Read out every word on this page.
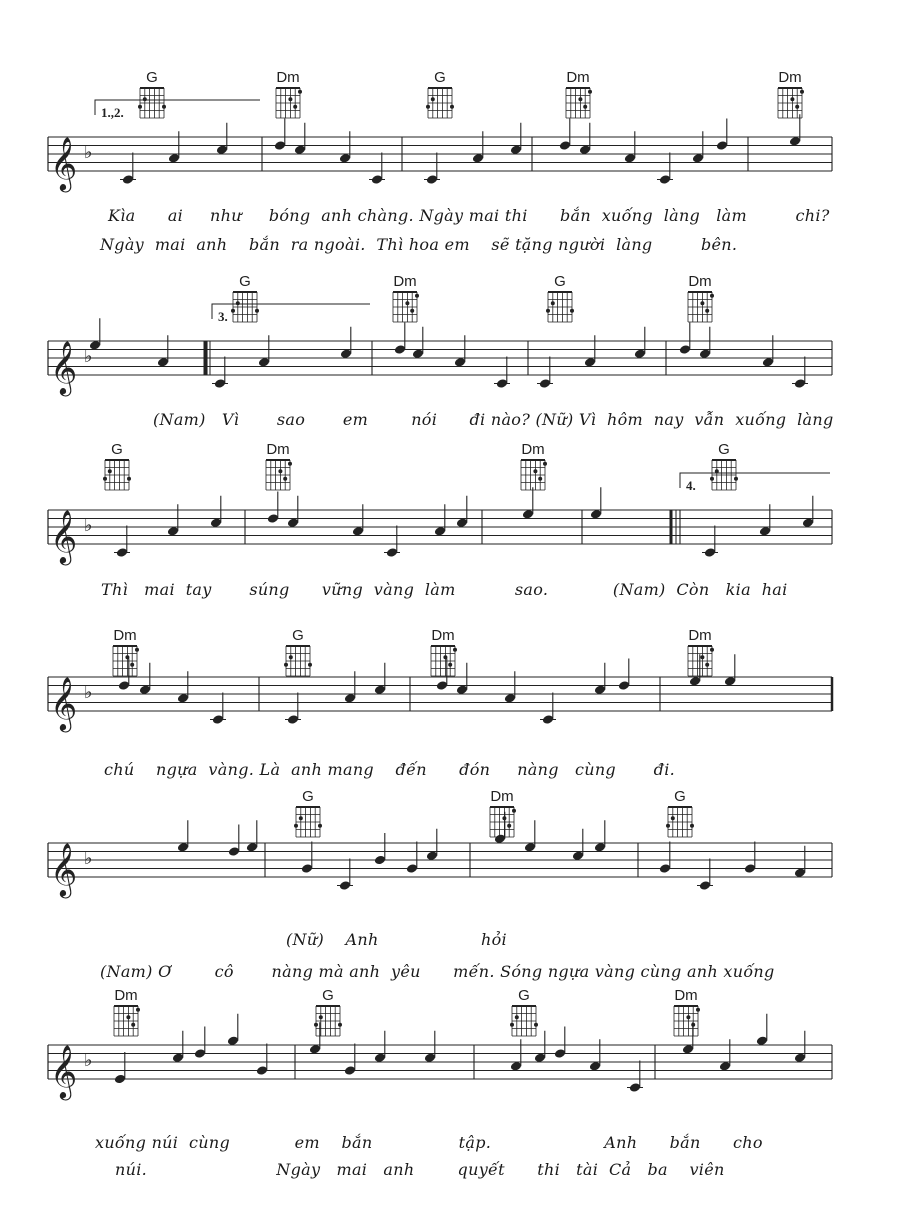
𝄞 ♭
𝄞 ♭
𝄞 ♭
𝄞 ♭
𝄞 ♭
𝄞 ♭
G	Dm	G	Dm	Dm
1.,2.
G	Dm	G	Dm
3.
G	Dm	Dm	G
4.
Dm	G	Dm	Dm
G	Dm	G
Dm	G	G	Dm
Kìa ai như bóng anh chàng. Ngày mai thi bắn xuống làng làm	chi?
Ngày mai anh bắn ra ngoài. Thì hoa em sẽ tặng người làng	bên.
(Nam) Vì sao em	nói đi nào? (Nữ) Vì hôm nay vẫn xuống làng
Thì mai tay súng vững vàng làm	sao.	(Nam) Còn kia hai
chú ngựa vàng. Là anh mang đến đón nàng cùng đi.
(Nữ) Anh	hỏi
(Nam) Ơ	cô nàng mà anh yêu mến. Sóng ngựa vàng cùng anh xuống
xuống núi cùng	em bắn	tập.	Anh bắn cho
núi.	Ngày mai anh	quyết thi tài Cả ba viên
